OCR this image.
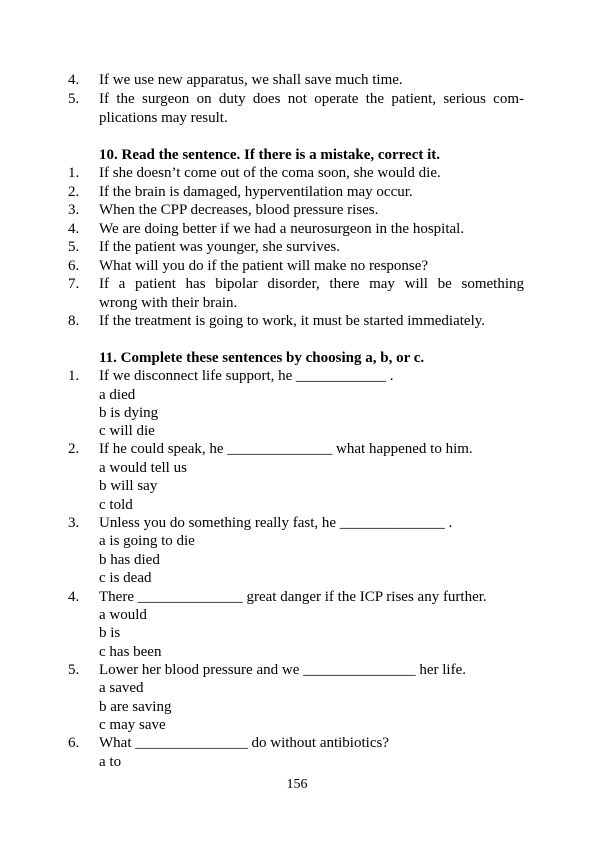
4.	If we use new apparatus, we shall save much time.
5.	If the surgeon on duty does not operate the patient, serious com-
plications may result.
10. Read the sentence. If there is a mistake, correct it.
1.	If she doesn’t come out of the coma soon, she would die.
2.	If the brain is damaged, hyperventilation may occur.
3.	When the CPP decreases, blood pressure rises.
4.	We are doing better if we had a neurosurgeon in the hospital.
5.	If the patient was younger, she survives.
6.	What will you do if the patient will make no response?
7.	If a patient has bipolar disorder, there may will be something
wrong with their brain.
8.	If the treatment is going to work, it must be started immediately.
11. Complete these sentences by choosing a, b, or c.
1.	If we disconnect life support, he ____________ .
a died
b is dying
c will die
2.	If he could speak, he ______________ what happened to him.
a would tell us
b will say
c told
3.	Unless you do something really fast, he ______________ .
a is going to die
b has died
c is dead
4.	There ______________ great danger if the ICP rises any further.
a would
b is
c has been
5.	Lower her blood pressure and we _______________ her life.
a saved
b are saving
c may save
6.	What _______________ do without antibiotics?
a to
156
